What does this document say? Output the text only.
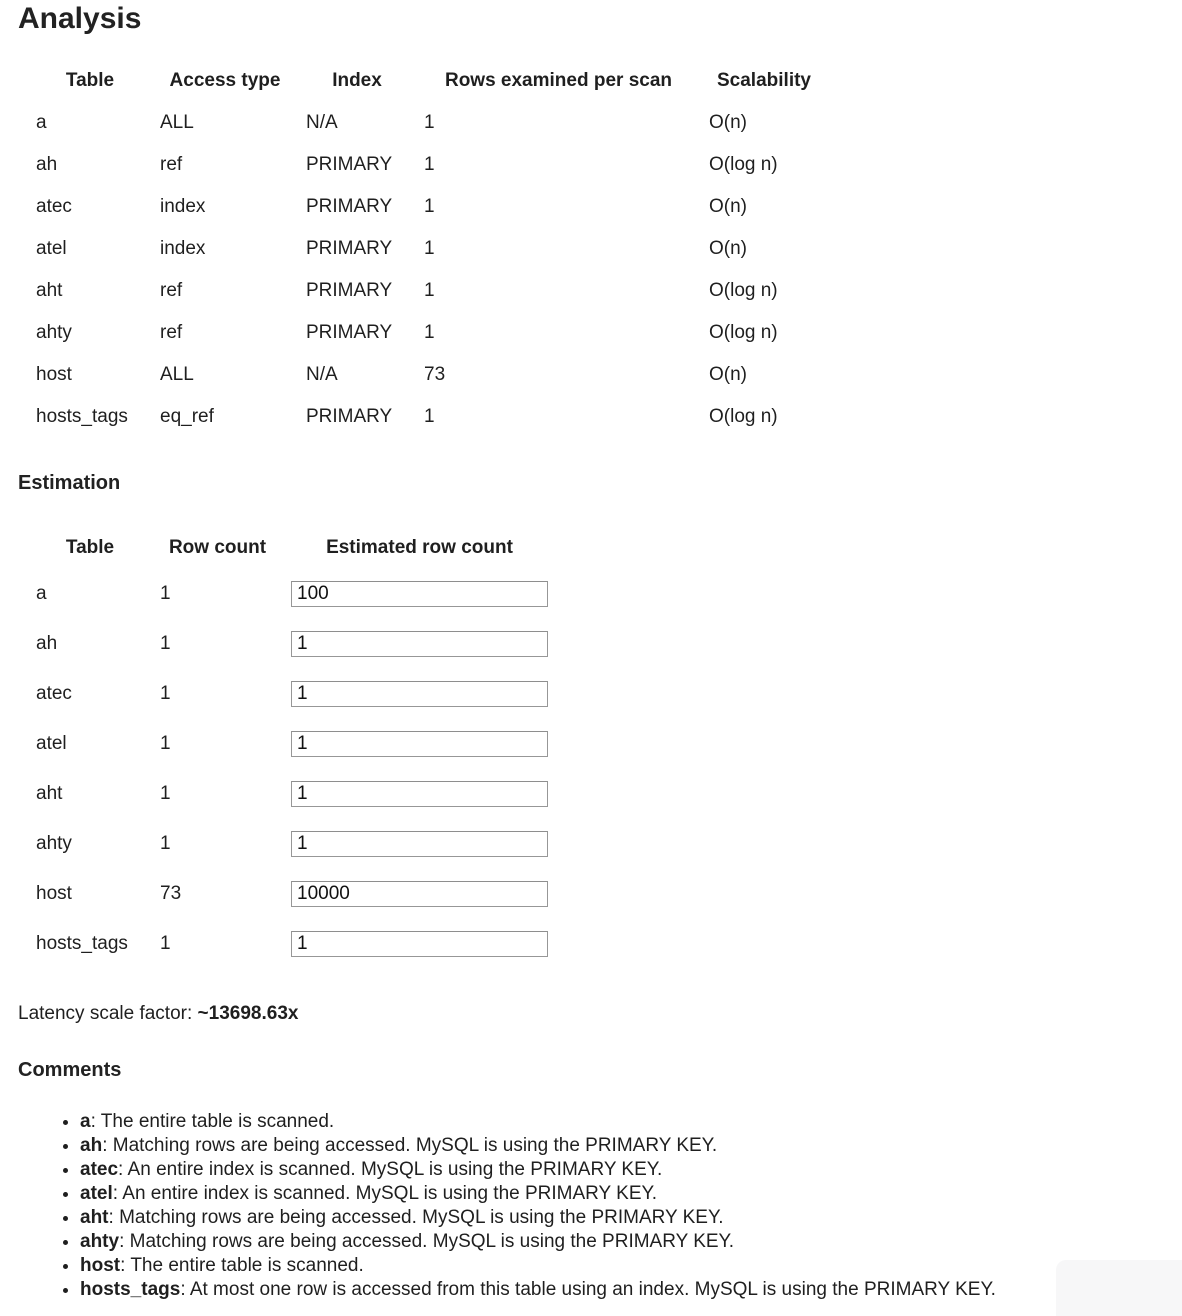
Analysis
Table	Access type	Index	Rows examined per scan	Scalability
a	ALL	N/A	1	O(n)
ah	ref	PRIMARY	1	O(log n)
atec	index	PRIMARY	1	O(n)
atel	index	PRIMARY	1	O(n)
aht	ref	PRIMARY	1	O(log n)
ahty	ref	PRIMARY	1	O(log n)
host	ALL	N/A	73	O(n)
hosts_tags	eq_ref	PRIMARY	1	O(log n)
Estimation
Table	Row count	Estimated row count
a	1	100
ah	1	1
atec	1	1
atel	1	1
aht	1	1
ahty	1	1
host	73	10000
hosts_tags	1	1

Latency scale factor: ~13698.63x

Comments
• a: The entire table is scanned.
• ah: Matching rows are being accessed. MySQL is using the PRIMARY KEY.
• atec: An entire index is scanned. MySQL is using the PRIMARY KEY.
• atel: An entire index is scanned. MySQL is using the PRIMARY KEY.
• aht: Matching rows are being accessed. MySQL is using the PRIMARY KEY.
• ahty: Matching rows are being accessed. MySQL is using the PRIMARY KEY.
• host: The entire table is scanned.
• hosts_tags: At most one row is accessed from this table using an index. MySQL is using the PRIMARY KEY.
